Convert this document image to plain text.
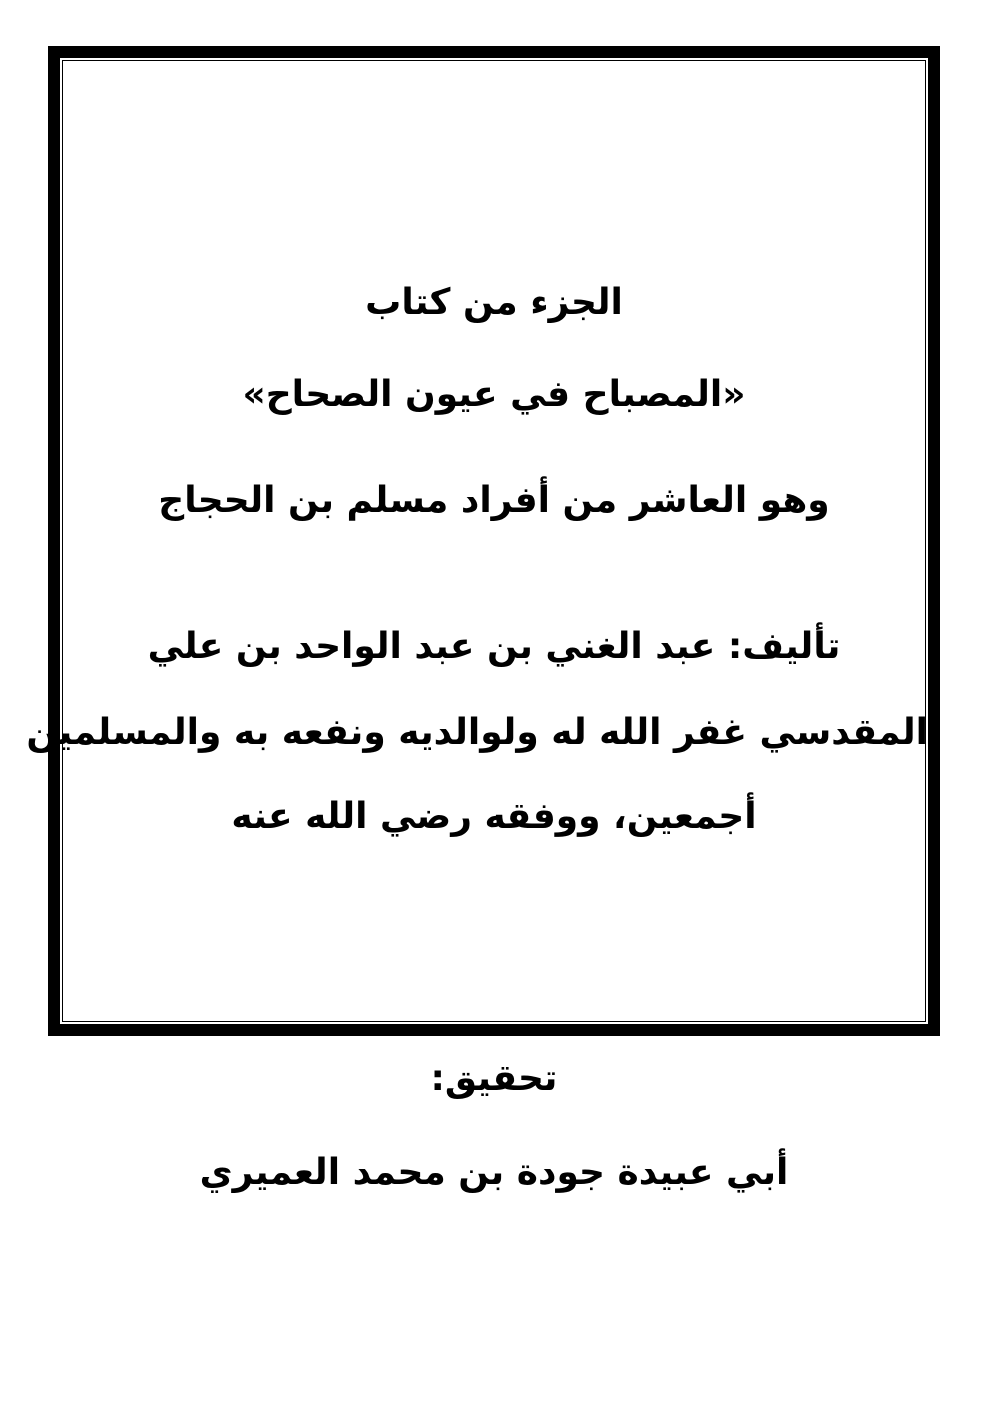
الجزء من كتاب
«المصباح في عيون الصحاح»
وهو العاشر من أفراد مسلم بن الحجاج
تأليف: عبد الغني بن عبد الواحد بن علي
المقدسي غفر الله له ولوالديه ونفعه به والمسلمين
أجمعين، ووفقه رضي الله عنه
تحقيق:
أبي عبيدة جودة بن محمد العميري
